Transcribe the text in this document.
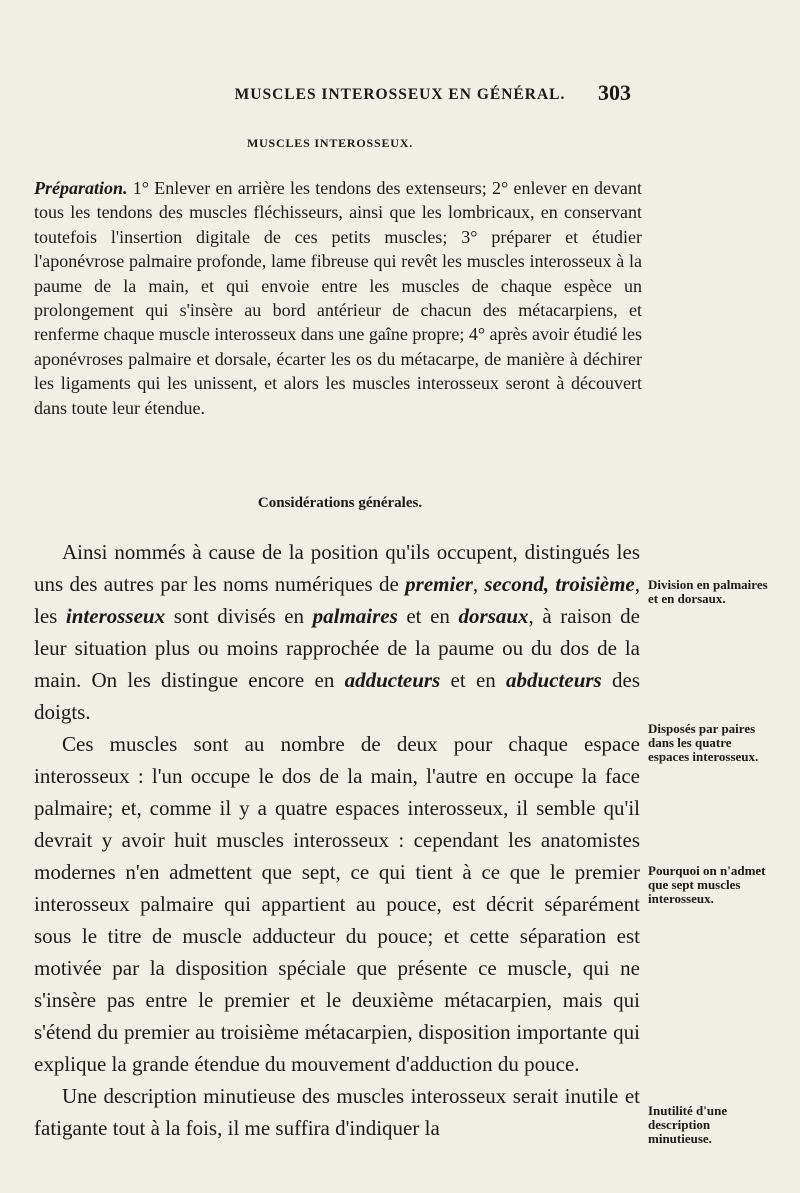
MUSCLES INTEROSSEUX EN GÉNÉRAL.	303
MUSCLES INTEROSSEUX.
Préparation. 1° Enlever en arrière les tendons des extenseurs; 2° enlever en devant tous les tendons des muscles fléchisseurs, ainsi que les lombricaux, en conservant toutefois l'insertion digitale de ces petits muscles; 3° préparer et étudier l'aponévrose palmaire profonde, lame fibreuse qui revêt les muscles interosseux à la paume de la main, et qui envoie entre les muscles de chaque espèce un prolongement qui s'insère au bord antérieur de chacun des métacarpiens, et renferme chaque muscle interosseux dans une gaîne propre; 4° après avoir étudié les aponévroses palmaire et dorsale, écarter les os du métacarpe, de manière à déchirer les ligaments qui les unissent, et alors les muscles interosseux seront à découvert dans toute leur étendue.
Considérations générales.

Ainsi nommés à cause de la position qu'ils occupent, distingués les uns des autres par les noms numériques de premier, second, troisième, les interosseux sont divisés en palmaires et en dorsaux, à raison de leur situation plus ou moins rapprochée de la paume ou du dos de la main. On les distingue encore en adducteurs et en abducteurs des doigts.

Ces muscles sont au nombre de deux pour chaque espace interosseux : l'un occupe le dos de la main, l'autre en occupe la face palmaire; et, comme il y a quatre espaces interosseux, il semble qu'il devrait y avoir huit muscles interosseux : cependant les anatomistes modernes n'en admettent que sept, ce qui tient à ce que le premier interosseux palmaire qui appartient au pouce, est décrit séparément sous le titre de muscle adducteur du pouce; et cette séparation est motivée par la disposition spéciale que présente ce muscle, qui ne s'insère pas entre le premier et le deuxième métacarpien, mais qui s'étend du premier au troisième métacarpien, disposition importante qui explique la grande étendue du mouvement d'adduction du pouce.

Une description minutieuse des muscles interosseux serait inutile et fatigante tout à la fois, il me suffira d'indiquer la

Division en palmaires et en dorsaux.
Disposés par paires dans les quatre espaces interosseux.
Pourquoi on n'admet que sept muscles interosseux.
Inutilité d'une description minutieuse.
